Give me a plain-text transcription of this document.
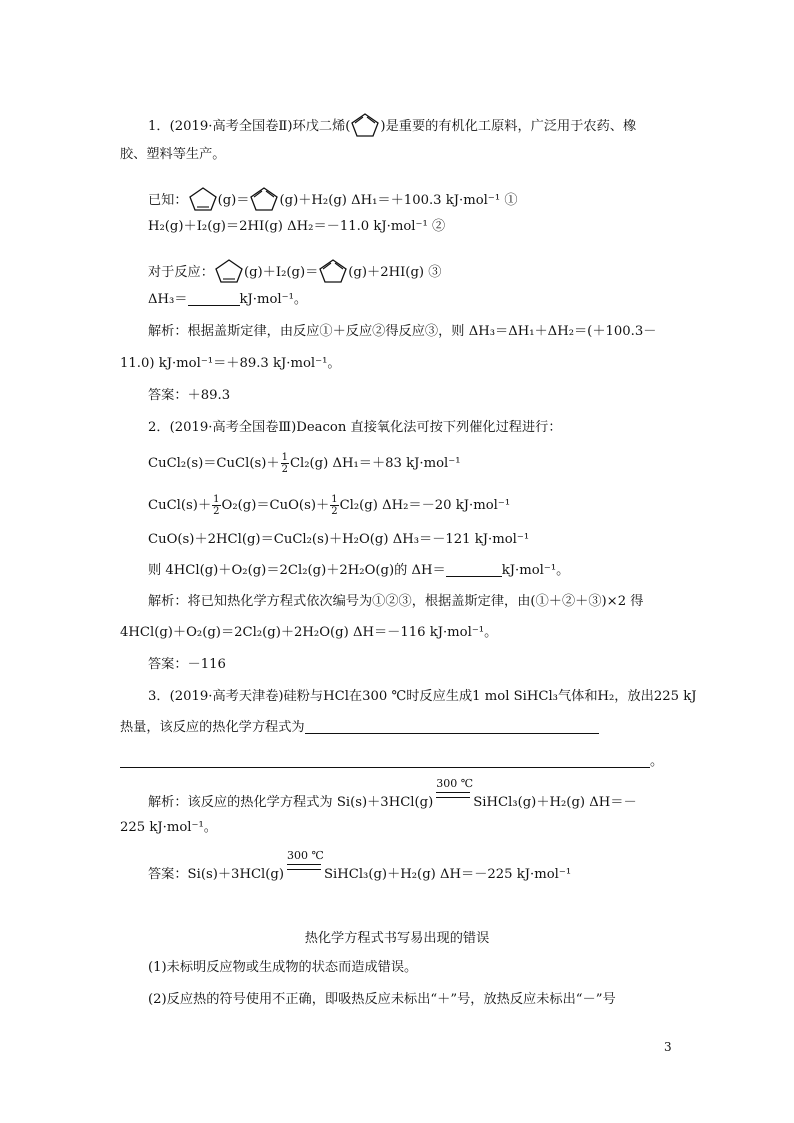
1．(2019·高考全国卷Ⅱ)环戊二烯( )是重要的有机化工原料，广泛用于农药、橡
胶、塑料等生产。
已知： (g)＝ (g)＋H₂(g) ΔH₁＝＋100.3 kJ·mol⁻¹ ①
H₂(g)＋I₂(g)＝2HI(g) ΔH₂＝－11.0 kJ·mol⁻¹ ②
对于反应： (g)＋I₂(g)＝ (g)＋2HI(g) ③
ΔH₃＝	kJ·mol⁻¹。
解析：根据盖斯定律，由反应①＋反应②得反应③，则 ΔH₃＝ΔH₁＋ΔH₂＝(＋100.3－
11.0) kJ·mol⁻¹＝＋89.3 kJ·mol⁻¹。
答案：＋89.3
2．(2019·高考全国卷Ⅲ)Deacon 直接氧化法可按下列催化过程进行：
CuCl₂(s)＝CuCl(s)＋ $\frac{1}{2} Cl_2(g)$ ΔH₁＝＋83 kJ·mol⁻¹
CuCl(s)＋ $\frac{1}{2} O_2(g)=CuO(s)+ \frac{1}{2} Cl_2(g)$ ΔH₂＝－20 kJ·mol⁻¹
CuO(s)＋2HCl(g)＝CuCl₂(s)＋H₂O(g) ΔH₃＝－121 kJ·mol⁻¹
则 4HCl(g)＋O₂(g)＝2Cl₂(g)＋2H₂O(g)的 ΔH＝	kJ·mol⁻¹。
解析：将已知热化学方程式依次编号为①②③，根据盖斯定律，由(①＋②＋③)×2 得
4HCl(g)＋O₂(g)＝2Cl₂(g)＋2H₂O(g) ΔH＝－116 kJ·mol⁻¹。
答案：－116
3．(2019·高考天津卷)硅粉与HCl在300 ℃时反应生成1 mol SiHCl₃气体和H₂，放出225 kJ
热量，该反应的热化学方程式为
。
解析：该反应的热化学方程式为 Si(s)＋3HCl(g)
300 ℃
SiHCl₃(g)＋H₂(g) ΔH＝－
225 kJ·mol⁻¹。
答案：Si(s)＋3HCl(g)
300 ℃
SiHCl₃(g)＋H₂(g) ΔH＝－225 kJ·mol⁻¹
热化学方程式书写易出现的错误
(1)未标明反应物或生成物的状态而造成错误。
(2)反应热的符号使用不正确，即吸热反应未标出“＋”号，放热反应未标出“－”号
3
